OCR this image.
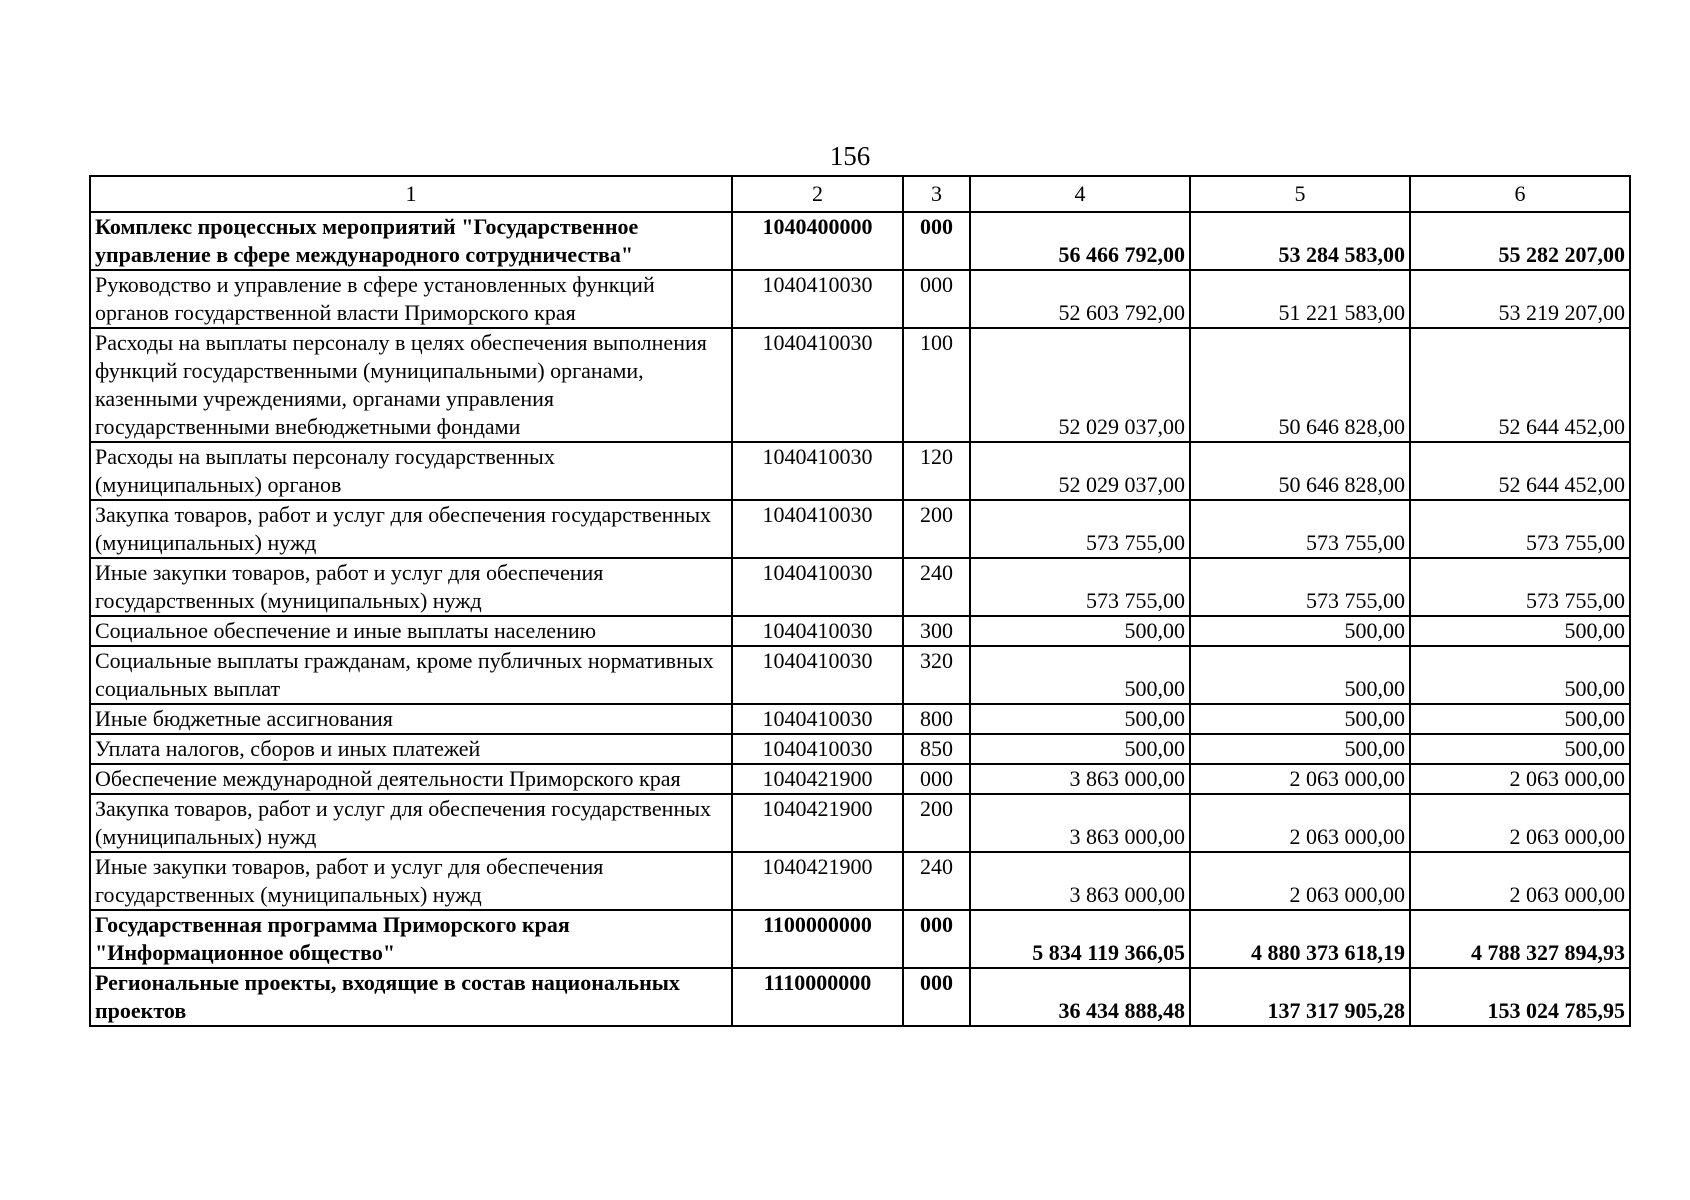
156
1	2	3	4	5	6
Комплекс процессных мероприятий "Государственное управление в сфере международного сотрудничества"	1040400000	000	56 466 792,00	53 284 583,00	55 282 207,00
Руководство и управление в сфере установленных функций органов государственной власти Приморского края	1040410030	000	52 603 792,00	51 221 583,00	53 219 207,00
Расходы на выплаты персоналу в целях обеспечения выполнения функций государственными (муниципальными) органами, казенными учреждениями, органами управления государственными внебюджетными фондами	1040410030	100	52 029 037,00	50 646 828,00	52 644 452,00
Расходы на выплаты персоналу государственных (муниципальных) органов	1040410030	120	52 029 037,00	50 646 828,00	52 644 452,00
Закупка товаров, работ и услуг для обеспечения государственных (муниципальных) нужд	1040410030	200	573 755,00	573 755,00	573 755,00
Иные закупки товаров, работ и услуг для обеспечения государственных (муниципальных) нужд	1040410030	240	573 755,00	573 755,00	573 755,00
Социальное обеспечение и иные выплаты населению	1040410030	300	500,00	500,00	500,00
Социальные выплаты гражданам, кроме публичных нормативных социальных выплат	1040410030	320	500,00	500,00	500,00
Иные бюджетные ассигнования	1040410030	800	500,00	500,00	500,00
Уплата налогов, сборов и иных платежей	1040410030	850	500,00	500,00	500,00
Обеспечение международной деятельности Приморского края	1040421900	000	3 863 000,00	2 063 000,00	2 063 000,00
Закупка товаров, работ и услуг для обеспечения государственных (муниципальных) нужд	1040421900	200	3 863 000,00	2 063 000,00	2 063 000,00
Иные закупки товаров, работ и услуг для обеспечения государственных (муниципальных) нужд	1040421900	240	3 863 000,00	2 063 000,00	2 063 000,00
Государственная программа Приморского края "Информационное общество"	1100000000	000	5 834 119 366,05	4 880 373 618,19	4 788 327 894,93
Региональные проекты, входящие в состав национальных проектов	1110000000	000	36 434 888,48	137 317 905,28	153 024 785,95
